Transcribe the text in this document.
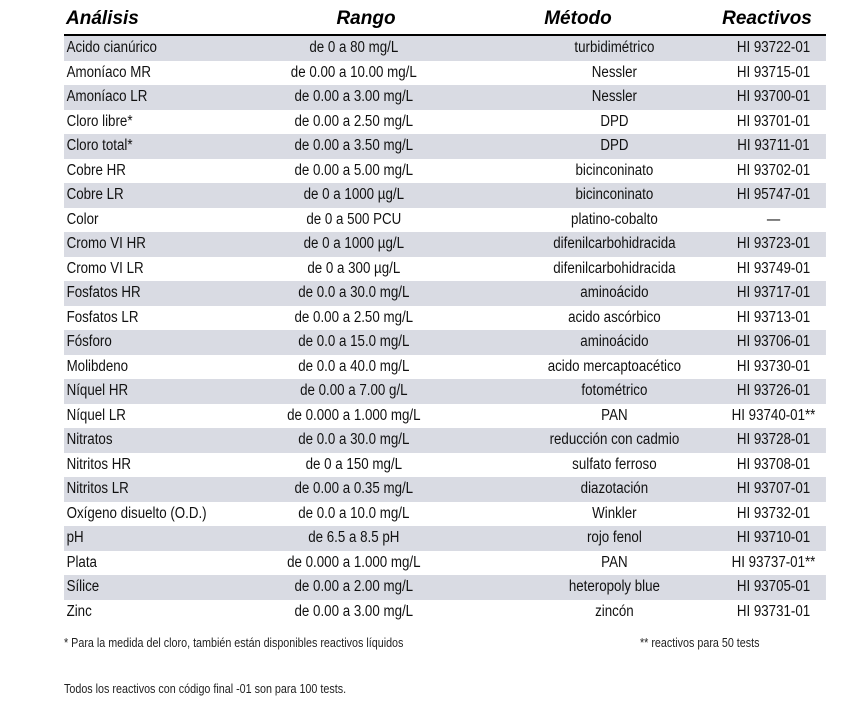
Análisis	Rango	Método	Reactivos
Acido cianúrico	de 0 a 80 mg/L	turbidimétrico	HI 93722-01
Amoníaco MR	de 0.00 a 10.00 mg/L	Nessler	HI 93715-01
Amoníaco LR	de 0.00 a 3.00 mg/L	Nessler	HI 93700-01
Cloro libre*	de 0.00 a 2.50 mg/L	DPD	HI 93701-01
Cloro total*	de 0.00 a 3.50 mg/L	DPD	HI 93711-01
Cobre HR	de 0.00 a 5.00 mg/L	bicinconinato	HI 93702-01
Cobre LR	de 0 a 1000 µg/L	bicinconinato	HI 95747-01
Color	de 0 a 500 PCU	platino-cobalto	—
Cromo VI HR	de 0 a 1000 µg/L	difenilcarbohidracida	HI 93723-01
Cromo VI LR	de 0 a 300 µg/L	difenilcarbohidracida	HI 93749-01
Fosfatos HR	de 0.0 a 30.0 mg/L	aminoácido	HI 93717-01
Fosfatos LR	de 0.00 a 2.50 mg/L	acido ascórbico	HI 93713-01
Fósforo	de 0.0 a 15.0 mg/L	aminoácido	HI 93706-01
Molibdeno	de 0.0 a 40.0 mg/L	acido mercaptoacético	HI 93730-01
Níquel HR	de 0.00 a 7.00 g/L	fotométrico	HI 93726-01
Níquel LR	de 0.000 a 1.000 mg/L	PAN	HI 93740-01**
Nitratos	de 0.0 a 30.0 mg/L	reducción con cadmio	HI 93728-01
Nitritos HR	de 0 a 150 mg/L	sulfato ferroso	HI 93708-01
Nitritos LR	de 0.00 a 0.35 mg/L	diazotación	HI 93707-01
Oxígeno disuelto (O.D.)	de 0.0 a 10.0 mg/L	Winkler	HI 93732-01
pH	de 6.5 a 8.5 pH	rojo fenol	HI 93710-01
Plata	de 0.000 a 1.000 mg/L	PAN	HI 93737-01**
Sílice	de 0.00 a 2.00 mg/L	heteropoly blue	HI 93705-01
Zinc	de 0.00 a 3.00 mg/L	zincón	HI 93731-01
* Para la medida del cloro, también están disponibles reactivos líquidos	** reactivos para 50 tests
Todos los reactivos con código final -01 son para 100 tests.
